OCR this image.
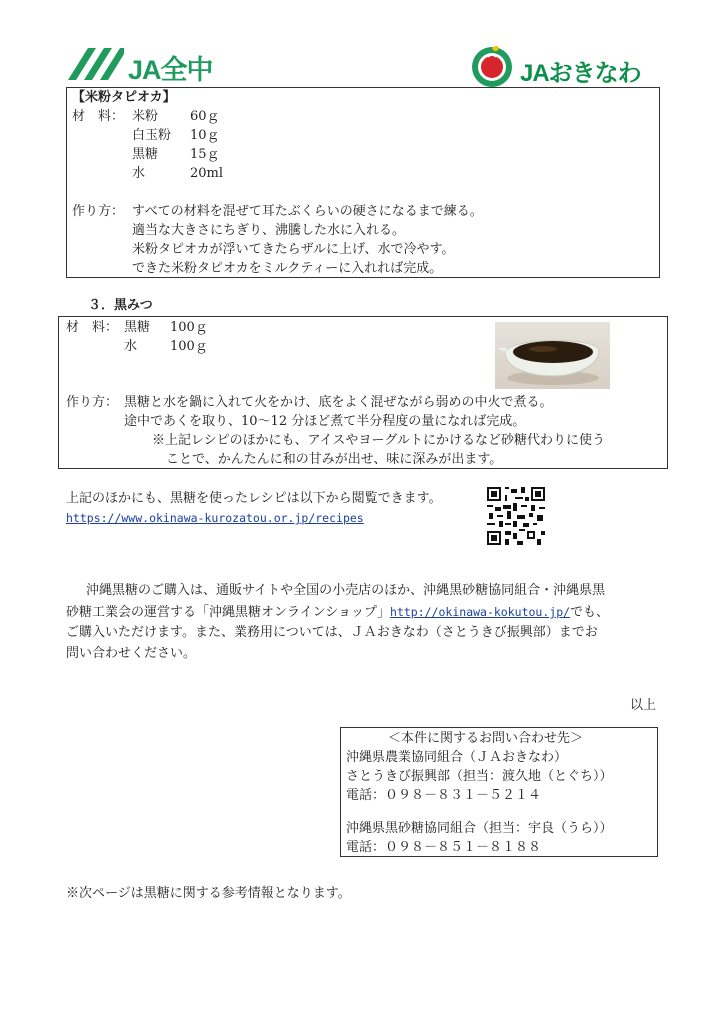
JA全中	JAおきなわ
【米粉タピオカ】
材　料： 米粉 60ｇ
白玉粉 10ｇ
黒糖 15ｇ
水	20ml
作り方： すべての材料を混ぜて耳たぶくらいの硬さになるまで練る。
適当な大きさにちぎり、沸騰した水に入れる。
米粉タピオカが浮いてきたらザルに上げ、水で冷やす。
できた米粉タピオカをミルクティーに入れれば完成。
３．黒みつ
材　料： 黒糖 100ｇ
水	100ｇ
作り方： 黒糖と水を鍋に入れて火をかけ、底をよく混ぜながら弱めの中火で煮る。
途中であくを取り、10～12 分ほど煮て半分程度の量になれば完成。
※上記レシピのほかにも、アイスやヨーグルトにかけるなど砂糖代わりに使う
ことで、かんたんに和の甘みが出せ、味に深みが出ます。
上記のほかにも、黒糖を使ったレシピは以下から閲覧できます。
https://www.okinawa-kurozatou.or.jp/recipes
沖縄黒糖のご購入は、通販サイトや全国の小売店のほか、沖縄黒砂糖協同組合・沖縄県黒
砂糖工業会の運営する「沖縄黒糖オンラインショップ」http://okinawa-kokutou.jp/でも、
ご購入いただけます。また、業務用については、ＪＡおきなわ（さとうきび振興部）までお
問い合わせください。
以上
＜本件に関するお問い合わせ先＞
沖縄県農業協同組合（ＪＡおきなわ）
さとうきび振興部（担当：渡久地（とぐち））
電話：０９８－８３１－５２１４
沖縄県黒砂糖協同組合（担当：宇良（うら））
電話：０９８－８５１－８１８８
※次ページは黒糖に関する参考情報となります。
